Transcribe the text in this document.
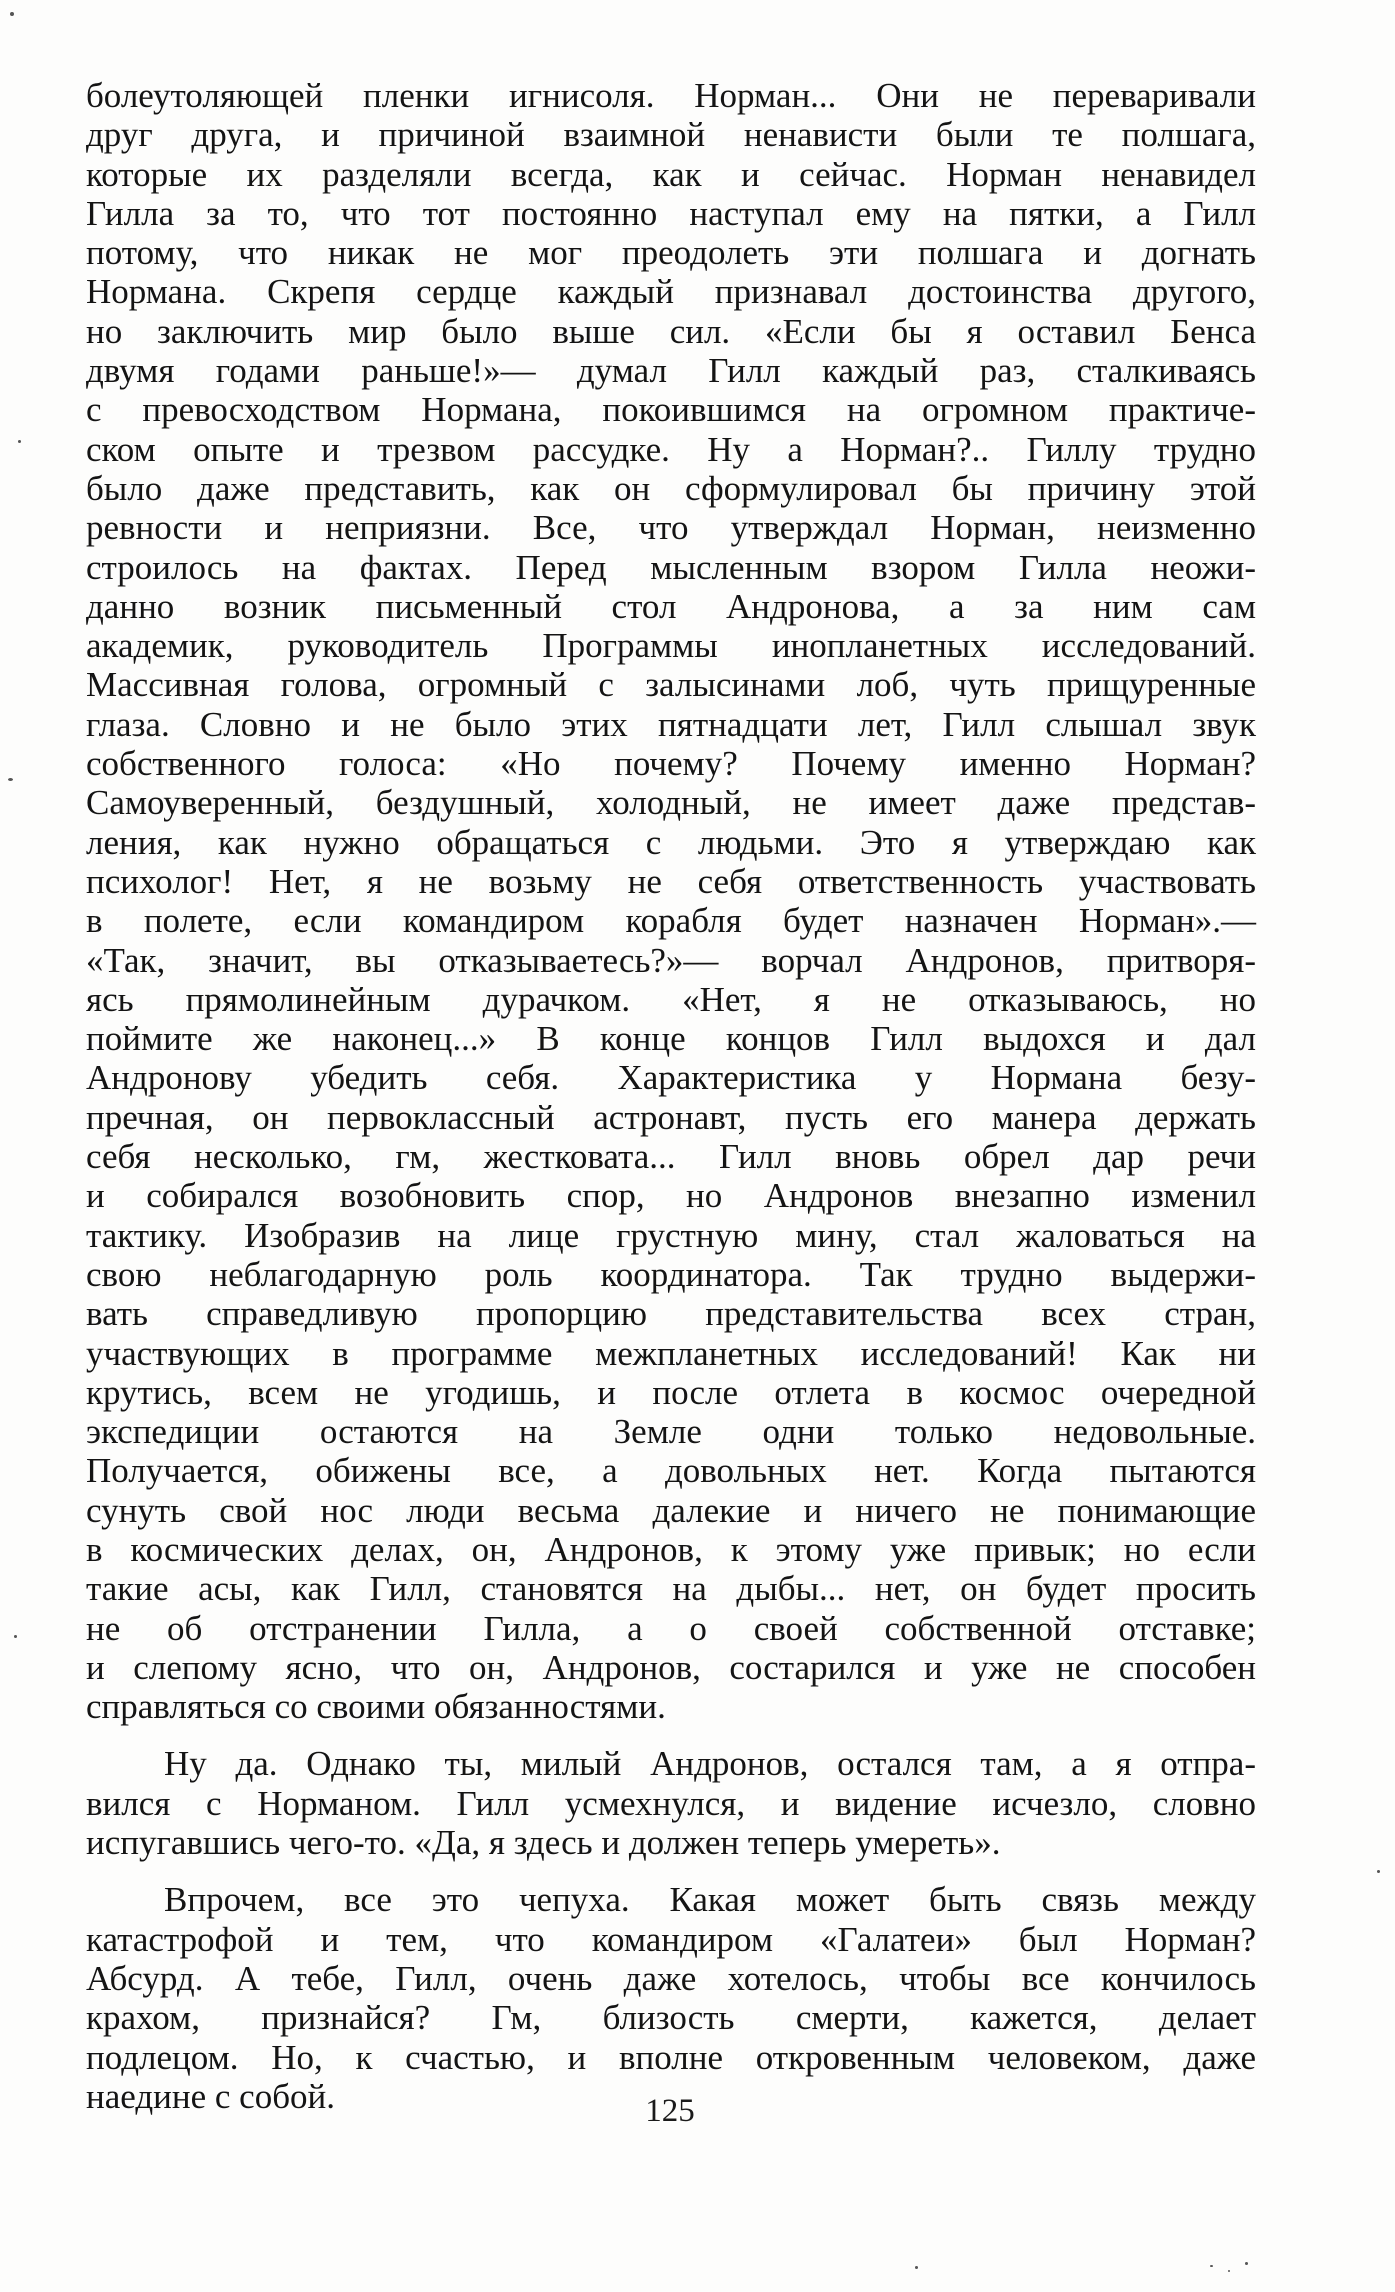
болеутоляющей пленки игнисоля. Норман... Они не переваривали
друг друга, и причиной взаимной ненависти были те полшага,
которые их разделяли всегда, как и сейчас. Норман ненавидел
Гилла за то, что тот постоянно наступал ему на пятки, а Гилл
потому, что никак не мог преодолеть эти полшага и догнать
Нормана. Скрепя сердце каждый признавал достоинства другого,
но заключить мир было выше сил. «Если бы я оставил Бенса
двумя годами раньше!»— думал Гилл каждый раз, сталкиваясь
с превосходством Нормана, покоившимся на огромном практиче-
ском опыте и трезвом рассудке. Ну а Норман?.. Гиллу трудно
было даже представить, как он сформулировал бы причину этой
ревности и неприязни. Все, что утверждал Норман, неизменно
строилось на фактах. Перед мысленным взором Гилла неожи-
данно возник письменный стол Андронова, а за ним сам
академик, руководитель Программы инопланетных исследований.
Массивная голова, огромный с залысинами лоб, чуть прищуренные
глаза. Словно и не было этих пятнадцати лет, Гилл слышал звук
собственного голоса: «Но почему? Почему именно Норман?
Самоуверенный, бездушный, холодный, не имеет даже представ-
ления, как нужно обращаться с людьми. Это я утверждаю как
психолог! Нет, я не возьму не себя ответственность участвовать
в полете, если командиром корабля будет назначен Норман».—
«Так, значит, вы отказываетесь?»— ворчал Андронов, притворя-
ясь прямолинейным дурачком. «Нет, я не отказываюсь, но
поймите же наконец...» В конце концов Гилл выдохся и дал
Андронову убедить себя. Характеристика у Нормана безу-
пречная, он первоклассный астронавт, пусть его манера держать
себя несколько, гм, жестковата... Гилл вновь обрел дар речи
и собирался возобновить спор, но Андронов внезапно изменил
тактику. Изобразив на лице грустную мину, стал жаловаться на
свою неблагодарную роль координатора. Так трудно выдержи-
вать справедливую пропорцию представительства всех стран,
участвующих в программе межпланетных исследований! Как ни
крутись, всем не угодишь, и после отлета в космос очередной
экспедиции остаются на Земле одни только недовольные.
Получается, обижены все, а довольных нет. Когда пытаются
сунуть свой нос люди весьма далекие и ничего не понимающие
в космических делах, он, Андронов, к этому уже привык; но если
такие асы, как Гилл, становятся на дыбы... нет, он будет просить
не об отстранении Гилла, а о своей собственной отставке;
и слепому ясно, что он, Андронов, состарился и уже не способен
справляться со своими обязанностями.
Ну да. Однако ты, милый Андронов, остался там, а я отпра-
вился с Норманом. Гилл усмехнулся, и видение исчезло, словно
испугавшись чего-то. «Да, я здесь и должен теперь умереть».
Впрочем, все это чепуха. Какая может быть связь между
катастрофой и тем, что командиром «Галатеи» был Норман?
Абсурд. А тебе, Гилл, очень даже хотелось, чтобы все кончилось
крахом, признайся? Гм, близость смерти, кажется, делает
подлецом. Но, к счастью, и вполне откровенным человеком, даже
наедине с собой.	125
